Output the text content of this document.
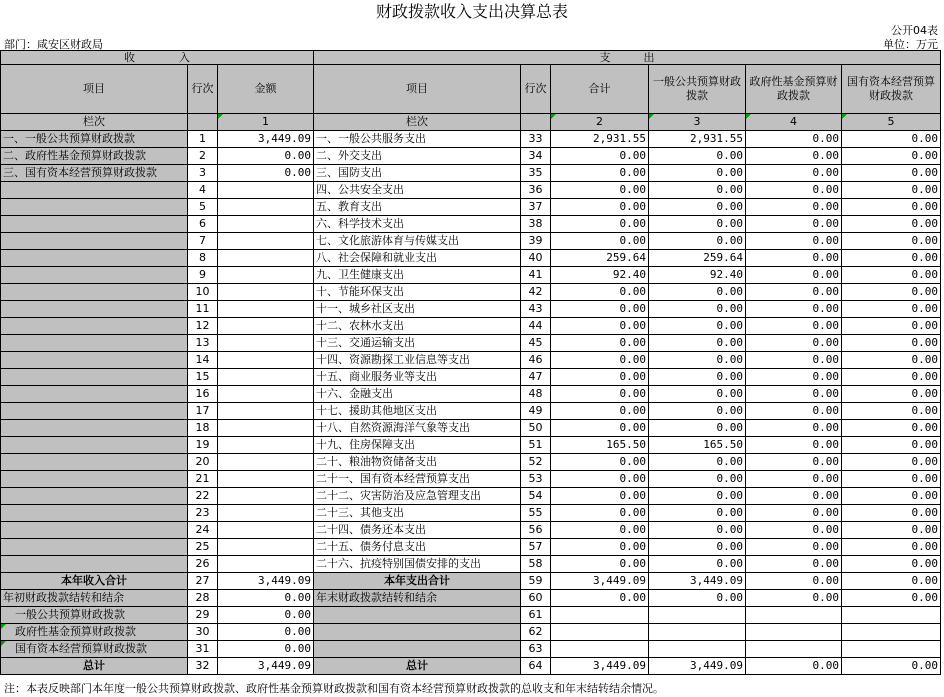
财政拨款收入支出决算总表
公开04表
部门：咸安区财政局	单位：万元
收　　　　入			支　　　出					
项目	行次	金额	项目	行次	合计	一般公共预算财政拨款	政府性基金预算财政拨款	国有资本经营预算财政拨款
栏次		1	栏次		2	3	4	5
一、一般公共预算财政拨款	1	3,449.09	一、一般公共服务支出	33	2,931.55	2,931.55	0.00	0.00
二、政府性基金预算财政拨款	2	0.00	二、外交支出	34	0.00	0.00	0.00	0.00
三、国有资本经营预算财政拨款	3	0.00	三、国防支出	35	0.00	0.00	0.00	0.00
	4		四、公共安全支出	36	0.00	0.00	0.00	0.00
	5		五、教育支出	37	0.00	0.00	0.00	0.00
	6		六、科学技术支出	38	0.00	0.00	0.00	0.00
	7		七、文化旅游体育与传媒支出	39	0.00	0.00	0.00	0.00
	8		八、社会保障和就业支出	40	259.64	259.64	0.00	0.00
	9		九、卫生健康支出	41	92.40	92.40	0.00	0.00
	10		十、节能环保支出	42	0.00	0.00	0.00	0.00
	11		十一、城乡社区支出	43	0.00	0.00	0.00	0.00
	12		十二、农林水支出	44	0.00	0.00	0.00	0.00
	13		十三、交通运输支出	45	0.00	0.00	0.00	0.00
	14		十四、资源勘探工业信息等支出	46	0.00	0.00	0.00	0.00
	15		十五、商业服务业等支出	47	0.00	0.00	0.00	0.00
	16		十六、金融支出	48	0.00	0.00	0.00	0.00
	17		十七、援助其他地区支出	49	0.00	0.00	0.00	0.00
	18		十八、自然资源海洋气象等支出	50	0.00	0.00	0.00	0.00
	19		十九、住房保障支出	51	165.50	165.50	0.00	0.00
	20		二十、粮油物资储备支出	52	0.00	0.00	0.00	0.00
	21		二十一、国有资本经营预算支出	53	0.00	0.00	0.00	0.00
	22		二十二、灾害防治及应急管理支出	54	0.00	0.00	0.00	0.00
	23		二十三、其他支出	55	0.00	0.00	0.00	0.00
	24		二十四、债务还本支出	56	0.00	0.00	0.00	0.00
	25		二十五、债务付息支出	57	0.00	0.00	0.00	0.00
	26		二十六、抗疫特别国债安排的支出	58	0.00	0.00	0.00	0.00
本年收入合计	27	3,449.09	本年支出合计	59	3,449.09	3,449.09	0.00	0.00
年初财政拨款结转和结余	28	0.00	年末财政拨款结转和结余	60	0.00	0.00	0.00	0.00
一般公共预算财政拨款	29	0.00		61				
政府性基金预算财政拨款	30	0.00		62				
国有资本经营预算财政拨款	31	0.00		63				
总计	32	3,449.09	总计	64	3,449.09	3,449.09	0.00	0.00
注：本表反映部门本年度一般公共预算财政拨款、政府性基金预算财政拨款和国有资本经营预算财政拨款的总收支和年末结转结余情况。
